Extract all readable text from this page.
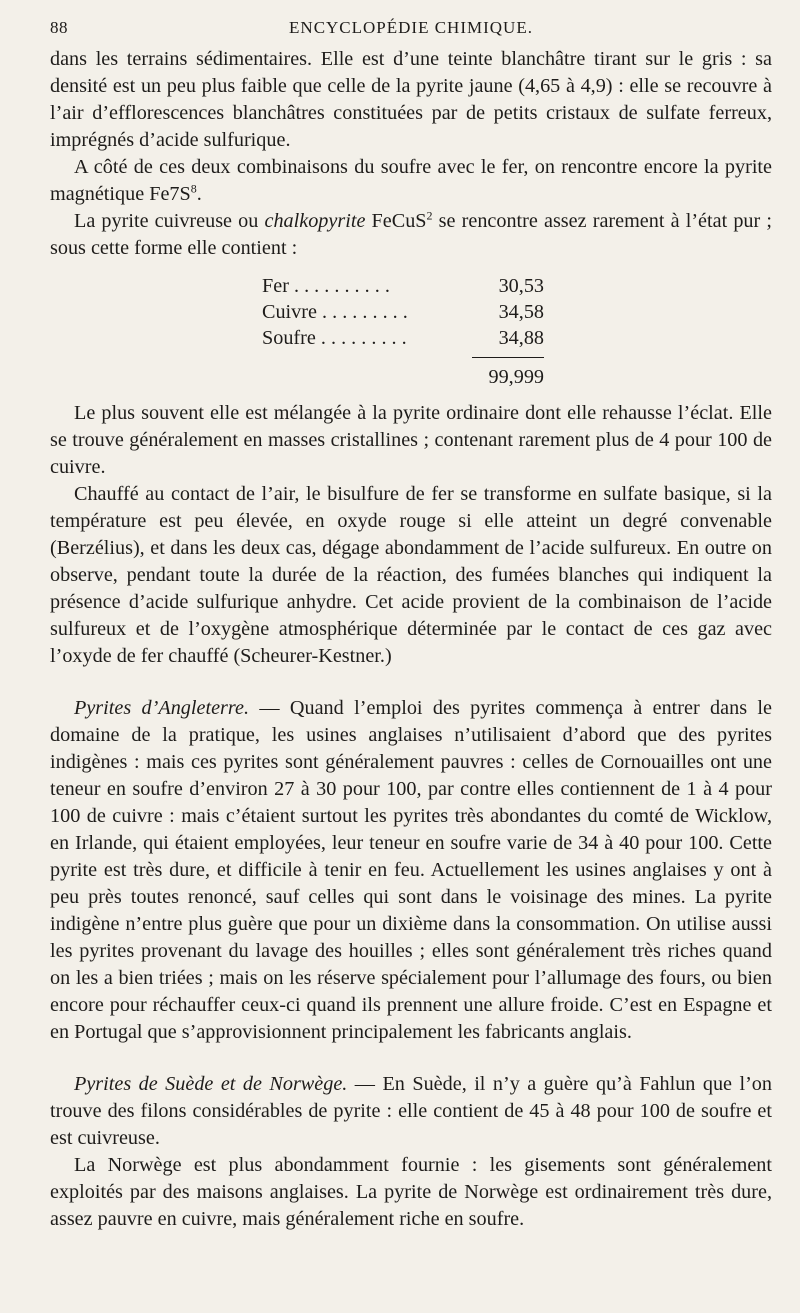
88	ENCYCLOPÉDIE CHIMIQUE.

dans les terrains sédimentaires. Elle est d’une teinte blanchâtre tirant sur le gris : sa densité est un peu plus faible que celle de la pyrite jaune (4,65 à 4,9) : elle se recouvre à l’air d’efflorescences blanchâtres constituées par de petits cristaux de sulfate ferreux, imprégnés d’acide sulfurique.

A côté de ces deux combinaisons du soufre avec le fer, on rencontre encore la pyrite magnétique $Fe7S^8$.

La pyrite cuivreuse ou chalkopyrite FeCuS$^2$ se rencontre assez rarement à l’état pur ; sous cette forme elle contient :

Fer . . . . . . . . . .	30,53
Cuivre . . . . . . . . .	34,58
Soufre . . . . . . . . .	34,88
99,999

Le plus souvent elle est mélangée à la pyrite ordinaire dont elle rehausse l’éclat. Elle se trouve généralement en masses cristallines ; contenant rarement plus de 4 pour 100 de cuivre.

Chauffé au contact de l’air, le bisulfure de fer se transforme en sulfate basique, si la température est peu élevée, en oxyde rouge si elle atteint un degré convenable (Berzélius), et dans les deux cas, dégage abondamment de l’acide sulfureux. En outre on observe, pendant toute la durée de la réaction, des fumées blanches qui indiquent la présence d’acide sulfurique anhydre. Cet acide provient de la combinaison de l’acide sulfureux et de l’oxygène atmosphérique déterminée par le contact de ces gaz avec l’oxyde de fer chauffé (Scheurer-Kestner.)

Pyrites d’Angleterre. — Quand l’emploi des pyrites commença à entrer dans le domaine de la pratique, les usines anglaises n’utilisaient d’abord que des pyrites indigènes : mais ces pyrites sont généralement pauvres : celles de Cornouailles ont une teneur en soufre d’environ 27 à 30 pour 100, par contre elles contiennent de 1 à 4 pour 100 de cuivre : mais c’étaient surtout les pyrites très abondantes du comté de Wicklow, en Irlande, qui étaient employées, leur teneur en soufre varie de 34 à 40 pour 100. Cette pyrite est très dure, et difficile à tenir en feu. Actuellement les usines anglaises y ont à peu près toutes renoncé, sauf celles qui sont dans le voisinage des mines. La pyrite indigène n’entre plus guère que pour un dixième dans la consommation. On utilise aussi les pyrites provenant du lavage des houilles ; elles sont généralement très riches quand on les a bien triées ; mais on les réserve spécialement pour l’allumage des fours, ou bien encore pour réchauffer ceux-ci quand ils prennent une allure froide. C’est en Espagne et en Portugal que s’approvisionnent principalement les fabricants anglais.

Pyrites de Suède et de Norwège. — En Suède, il n’y a guère qu’à Fahlun que l’on trouve des filons considérables de pyrite : elle contient de 45 à 48 pour 100 de soufre et est cuivreuse.

La Norwège est plus abondamment fournie : les gisements sont généralement exploités par des maisons anglaises. La pyrite de Norwège est ordinairement très dure, assez pauvre en cuivre, mais généralement riche en soufre.
